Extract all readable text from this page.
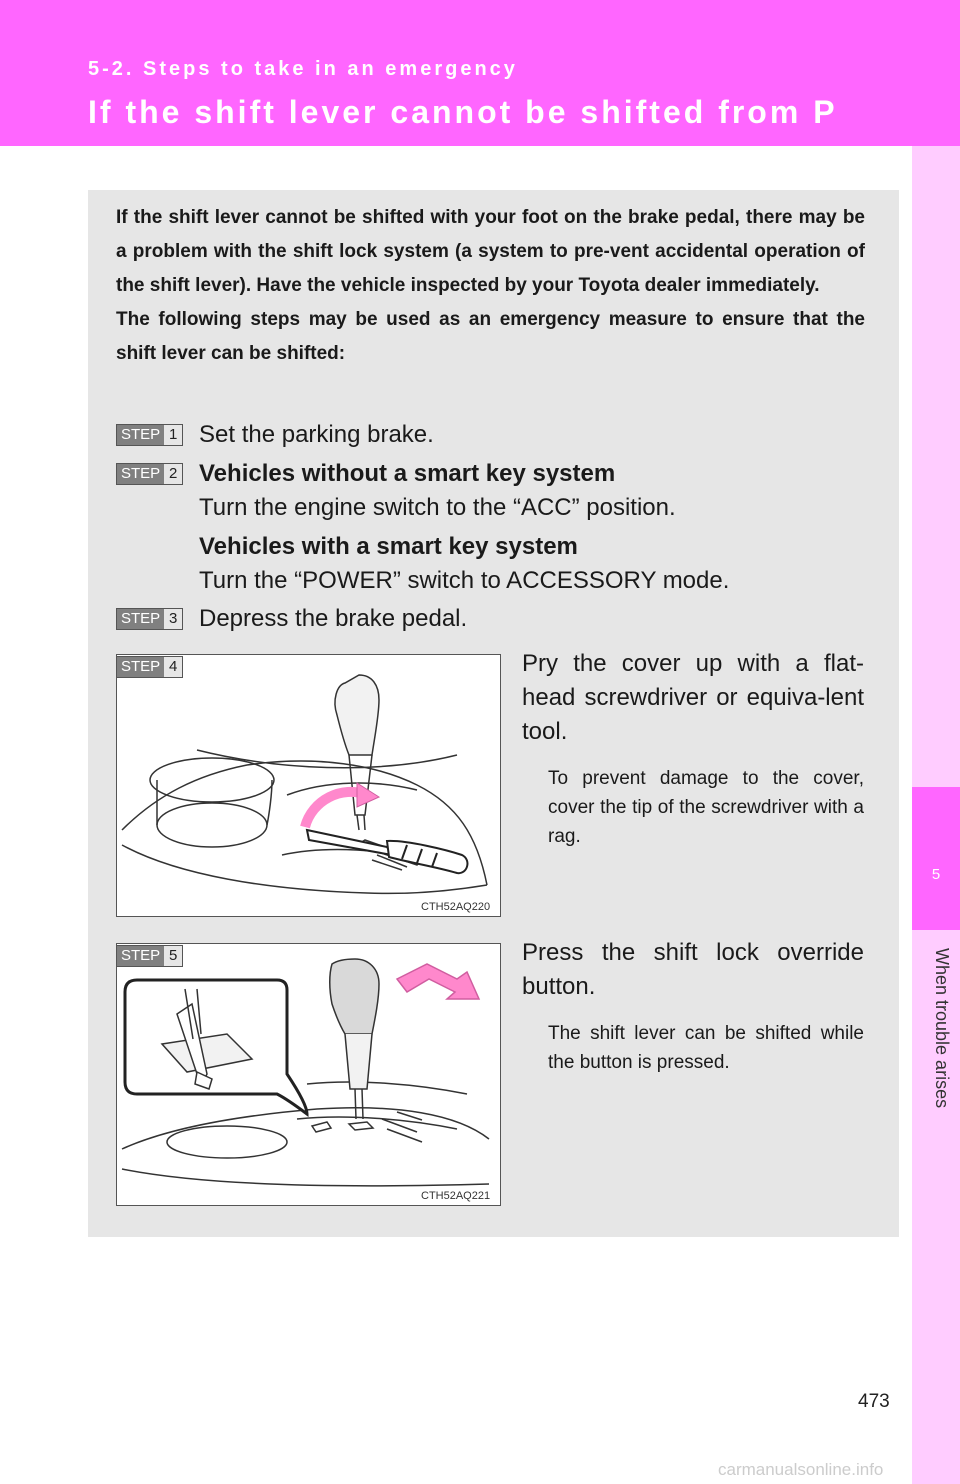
5-2. Steps to take in an emergency
If the shift lever cannot be shifted from P
5
When trouble arises

If the shift lever cannot be shifted with your foot on the brake pedal, there may be a problem with the shift lock system (a system to pre-vent accidental operation of the shift lever). Have the vehicle inspected by your Toyota dealer immediately.

The following steps may be used as an emergency measure to ensure that the shift lever can be shifted:

STEP 1 Set the parking brake.
STEP 2 Vehicles without a smart key system
Turn the engine switch to the “ACC” position.
Vehicles with a smart key system
Turn the “POWER” switch to ACCESSORY mode.
STEP 3 Depress the brake pedal.
CTH52AQ220
STEP 4	Pry the cover up with a flat-head screwdriver or equiva-lent tool.
To prevent damage to the cover, cover the tip of the screwdriver with a rag.
CTH52AQ221
STEP 5	Press the shift lock override button.
The shift lever can be shifted while the button is pressed.
473
carmanualsonline.info
